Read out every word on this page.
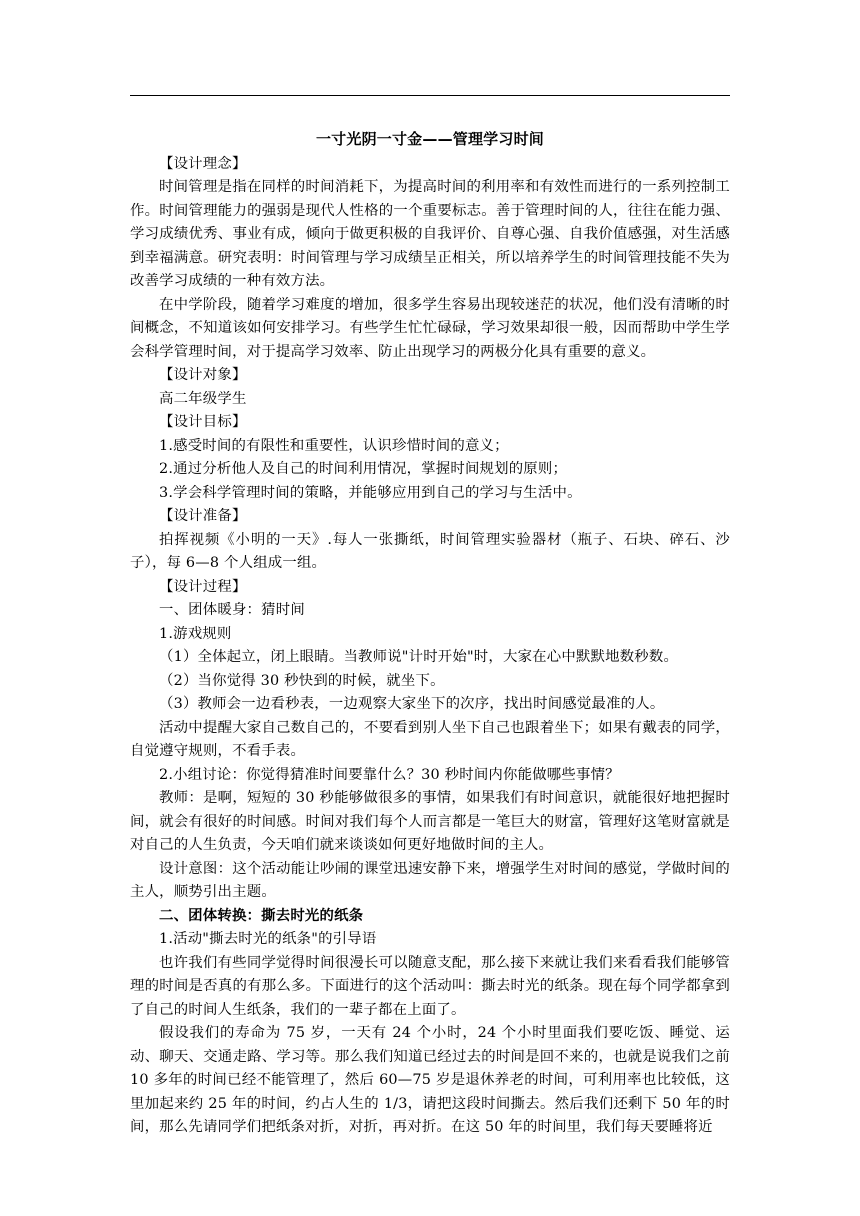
一寸光阴一寸金——管理学习时间

【设计理念】

时间管理是指在同样的时间消耗下，为提高时间的利用率和有效性而进行的一系列控制工作。时间管理能力的强弱是现代人性格的一个重要标志。善于管理时间的人，往往在能力强、学习成绩优秀、事业有成，倾向于做更积极的自我评价、自尊心强、自我价值感强，对生活感到幸福满意。研究表明：时间管理与学习成绩呈正相关，所以培养学生的时间管理技能不失为改善学习成绩的一种有效方法。

在中学阶段，随着学习难度的增加，很多学生容易出现较迷茫的状况，他们没有清晰的时间概念，不知道该如何安排学习。有些学生忙忙碌碌，学习效果却很一般，因而帮助中学生学会科学管理时间，对于提高学习效率、防止出现学习的两极分化具有重要的意义。

【设计对象】

高二年级学生

【设计目标】

1.感受时间的有限性和重要性，认识珍惜时间的意义；

2.通过分析他人及自己的时间利用情况，掌握时间规划的原则；

3.学会科学管理时间的策略，并能够应用到自己的学习与生活中。

【设计准备】

拍挥视频《小明的一天》.每人一张撕纸，时间管理实验器材（瓶子、石块、碎石、沙子），每 6—8 个人组成一组。

【设计过程】

一、团体暖身：猜时间

1.游戏规则

（1）全体起立，闭上眼睛。当教师说"计时开始"时，大家在心中默默地数秒数。

（2）当你觉得 30 秒快到的时候，就坐下。

（3）教师会一边看秒表，一边观察大家坐下的次序，找出时间感觉最准的人。

活动中提醒大家自己数自己的，不要看到别人坐下自己也跟着坐下；如果有戴表的同学，自觉遵守规则，不看手表。

2.小组讨论：你觉得猜准时间要靠什么？30 秒时间内你能做哪些事情？

教师：是啊，短短的 30 秒能够做很多的事情，如果我们有时间意识，就能很好地把握时间，就会有很好的时间感。时间对我们每个人而言都是一笔巨大的财富，管理好这笔财富就是对自己的人生负责，今天咱们就来谈谈如何更好地做时间的主人。

设计意图：这个活动能让吵闹的课堂迅速安静下来，增强学生对时间的感觉，学做时间的主人，顺势引出主题。

二、团体转换：撕去时光的纸条

1.活动"撕去时光的纸条"的引导语

也许我们有些同学觉得时间很漫长可以随意支配，那么接下来就让我们来看看我们能够管理的时间是否真的有那么多。下面进行的这个活动叫：撕去时光的纸条。现在每个同学都拿到了自己的时间人生纸条，我们的一辈子都在上面了。

假设我们的寿命为 75 岁，一天有 24 个小时，24 个小时里面我们要吃饭、睡觉、运动、聊天、交通走路、学习等。那么我们知道已经过去的时间是回不来的，也就是说我们之前 10 多年的时间已经不能管理了，然后 60—75 岁是退休养老的时间，可利用率也比较低，这里加起来约 25 年的时间，约占人生的 1/3，请把这段时间撕去。然后我们还剩下 50 年的时间，那么先请同学们把纸条对折，对折，再对折。在这 50 年的时间里，我们每天要睡将近
